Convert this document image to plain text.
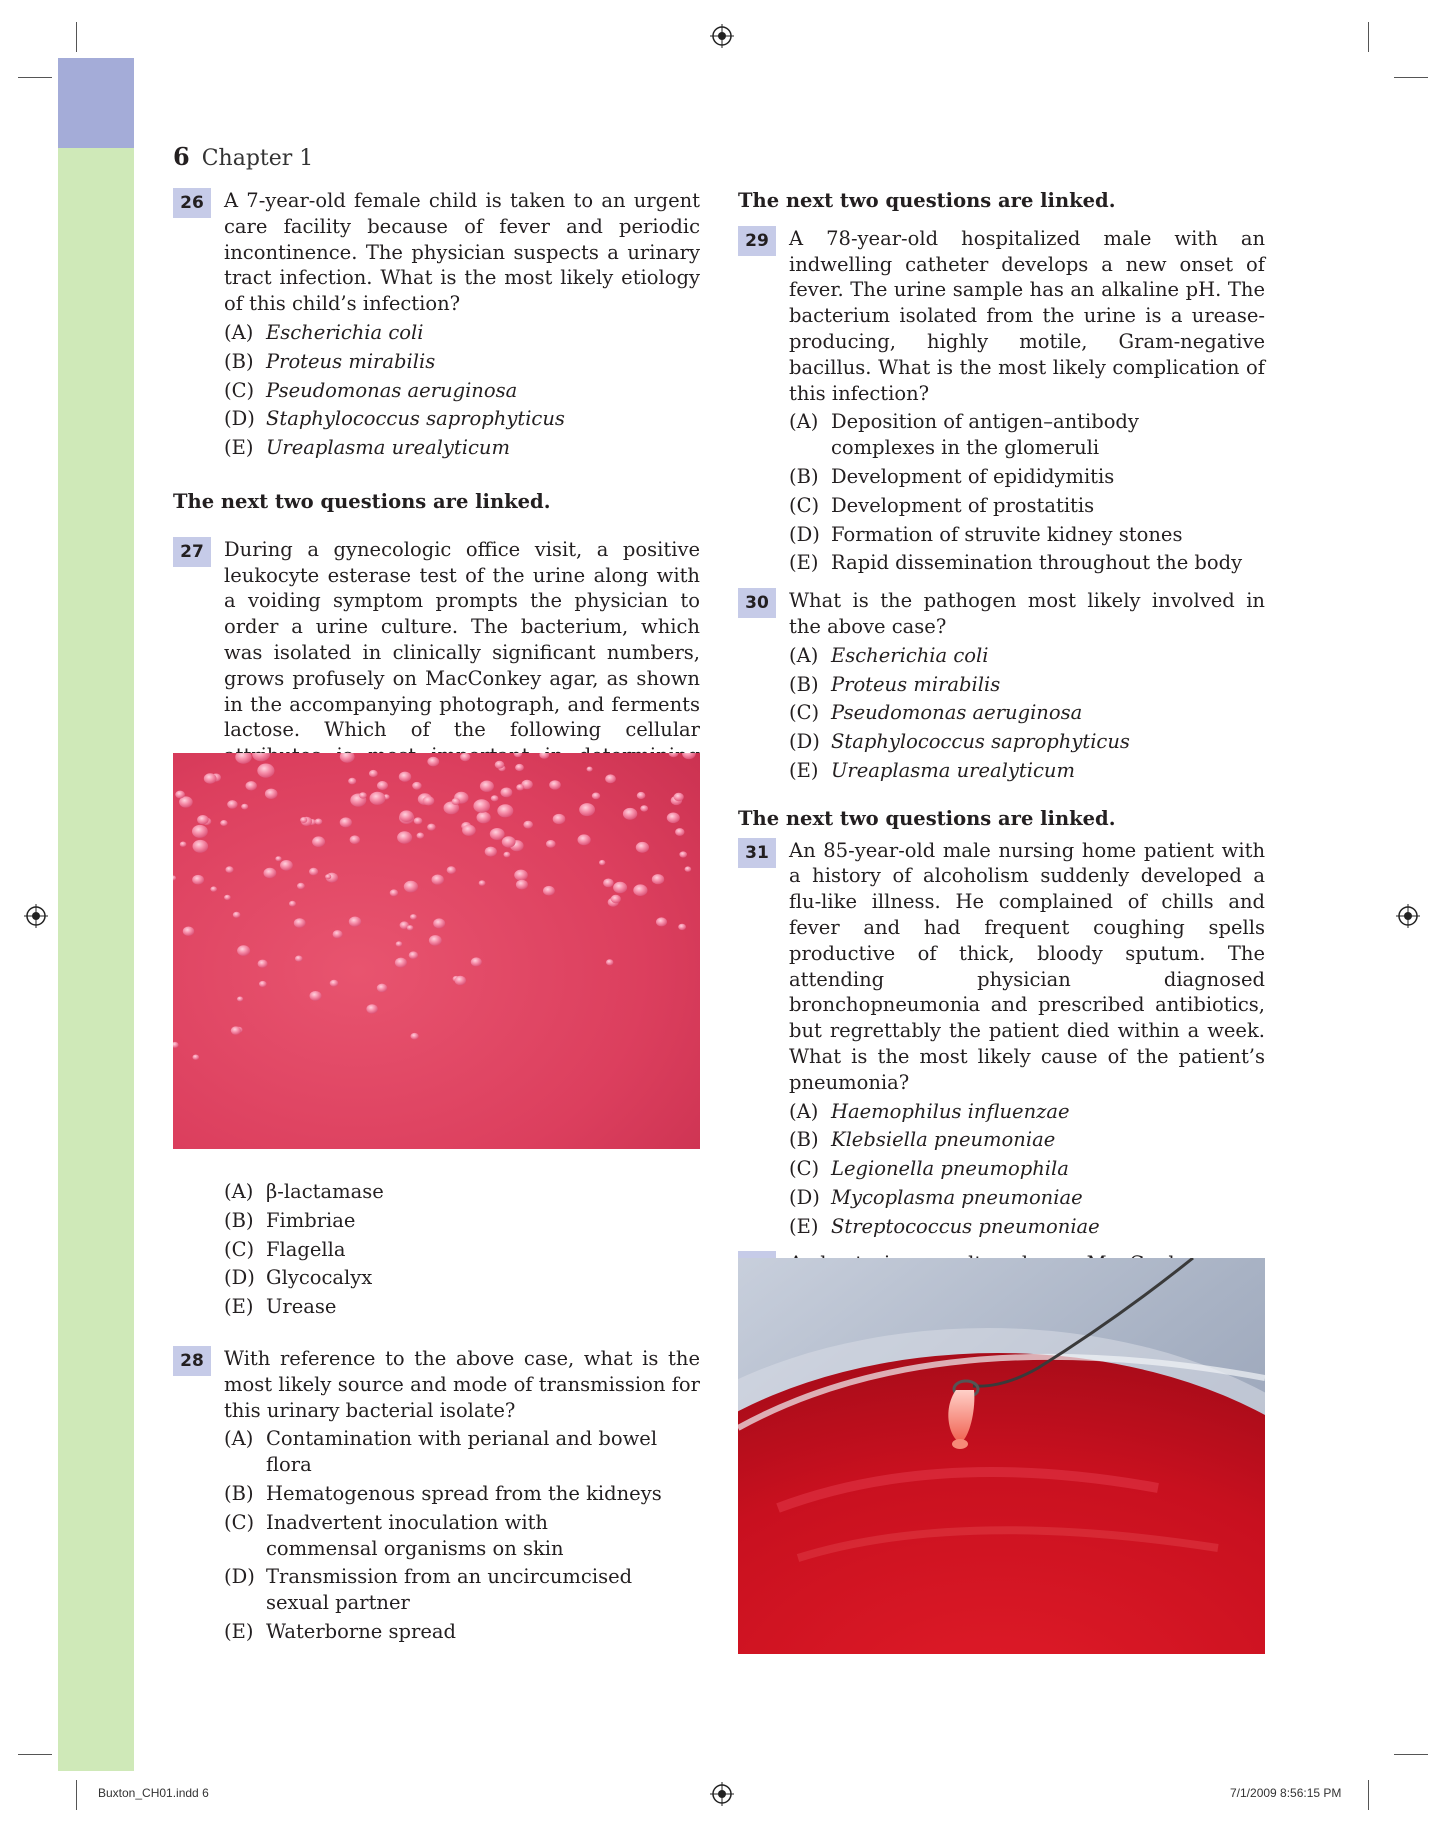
6 Chapter 1
26	A 7-year-old female child is taken to an urgent care facility because of fever and periodic incontinence. The physician suspects a urinary tract infection. What is the most likely etiology of this child’s infection?

(A) Escherichia coli
(B) Proteus mirabilis
(C) Pseudomonas aeruginosa
(D) Staphylococcus saprophyticus
(E) Ureaplasma urealyticum
The next two questions are linked.
27	During a gynecologic office visit, a positive leukocyte esterase test of the urine along with a voiding symptom prompts the physician to order a urine culture. The bacterium, which was isolated in clinically significant numbers, grows profusely on MacConkey agar, as shown in the accompanying photograph, and ferments lactose. Which of the following cellular

(A) β-lactamase
(B) Fimbriae
(C) Flagella
(D) Glycocalyx
(E) Urease
28	With reference to the above case, what is the most likely source and mode of transmission for this urinary bacterial isolate?

(A) Contamination with perianal and bowel flora
(B) Hematogenous spread from the kidneys
(C) Inadvertent inoculation with commensal organisms on skin
(D) Transmission from an uncircumcised sexual partner
(E) Waterborne spread
The next two questions are linked.
29	A 78-year-old hospitalized male with an indwelling catheter develops a new onset of fever. The urine sample has an alkaline pH. The bacterium isolated from the urine is a urease-producing, highly motile, Gram-negative bacillus. What is the most likely complication of this infection?

(A) Deposition of antigen–antibody complexes in the glomeruli
(B) Development of epididymitis
(C) Development of prostatitis
(D) Formation of struvite kidney stones
(E) Rapid dissemination throughout the body
30	What is the pathogen most likely involved in the above case?

(A) Escherichia coli
(B) Proteus mirabilis
(C) Pseudomonas aeruginosa
(D) Staphylococcus saprophyticus
(E) Ureaplasma urealyticum
The next two questions are linked.
31	An 85-year-old male nursing home patient with a history of alcoholism suddenly developed a flu-like illness. He complained of chills and fever and had frequent coughing spells productive of thick, bloody sputum. The attending physician diagnosed bronchopneumonia and prescribed antibiotics, but regrettably the patient died within a week. What is the most likely cause of the patient’s pneumonia?

(A) Haemophilus influenzae
(B) Klebsiella pneumoniae
(C) Legionella pneumophila
(D) Mycoplasma pneumoniae
(E) Streptococcus pneumoniae

Buxton_CH01.indd 6	7/1/2009 8:56:15 PM
